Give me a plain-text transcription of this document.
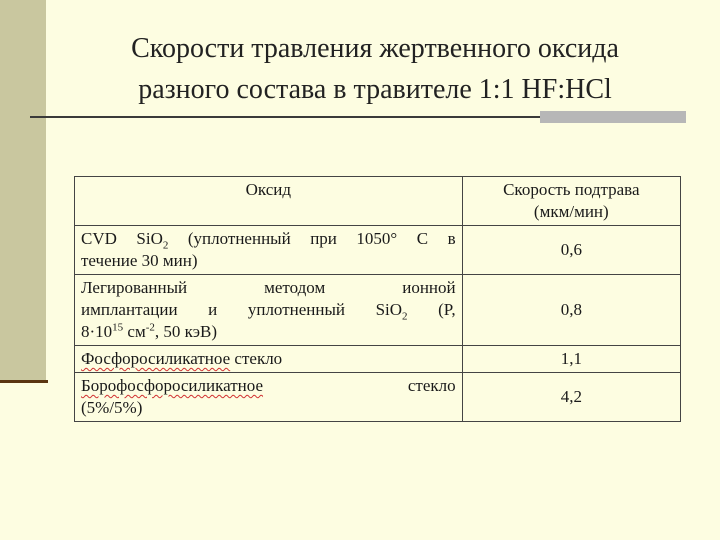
Скорости травления жертвенного оксида
разного состава в травителе 1:1 HF:HCl
Оксид	Скорость подтрава
(мкм/мин)

CVD SiO$_2$ (уплотненный при 1050° С в
течение 30 мин)	0,6

Легированный методом ионной
имплантации и уплотненный SiO$_2$ (P,
$8\cdot 10^{15}$ $см^{-2}$, 50 кэВ)	0,8
Фосфоросиликатное стекло	1,1

Борофосфоросиликатное стекло
(5%/5%)	4,2
